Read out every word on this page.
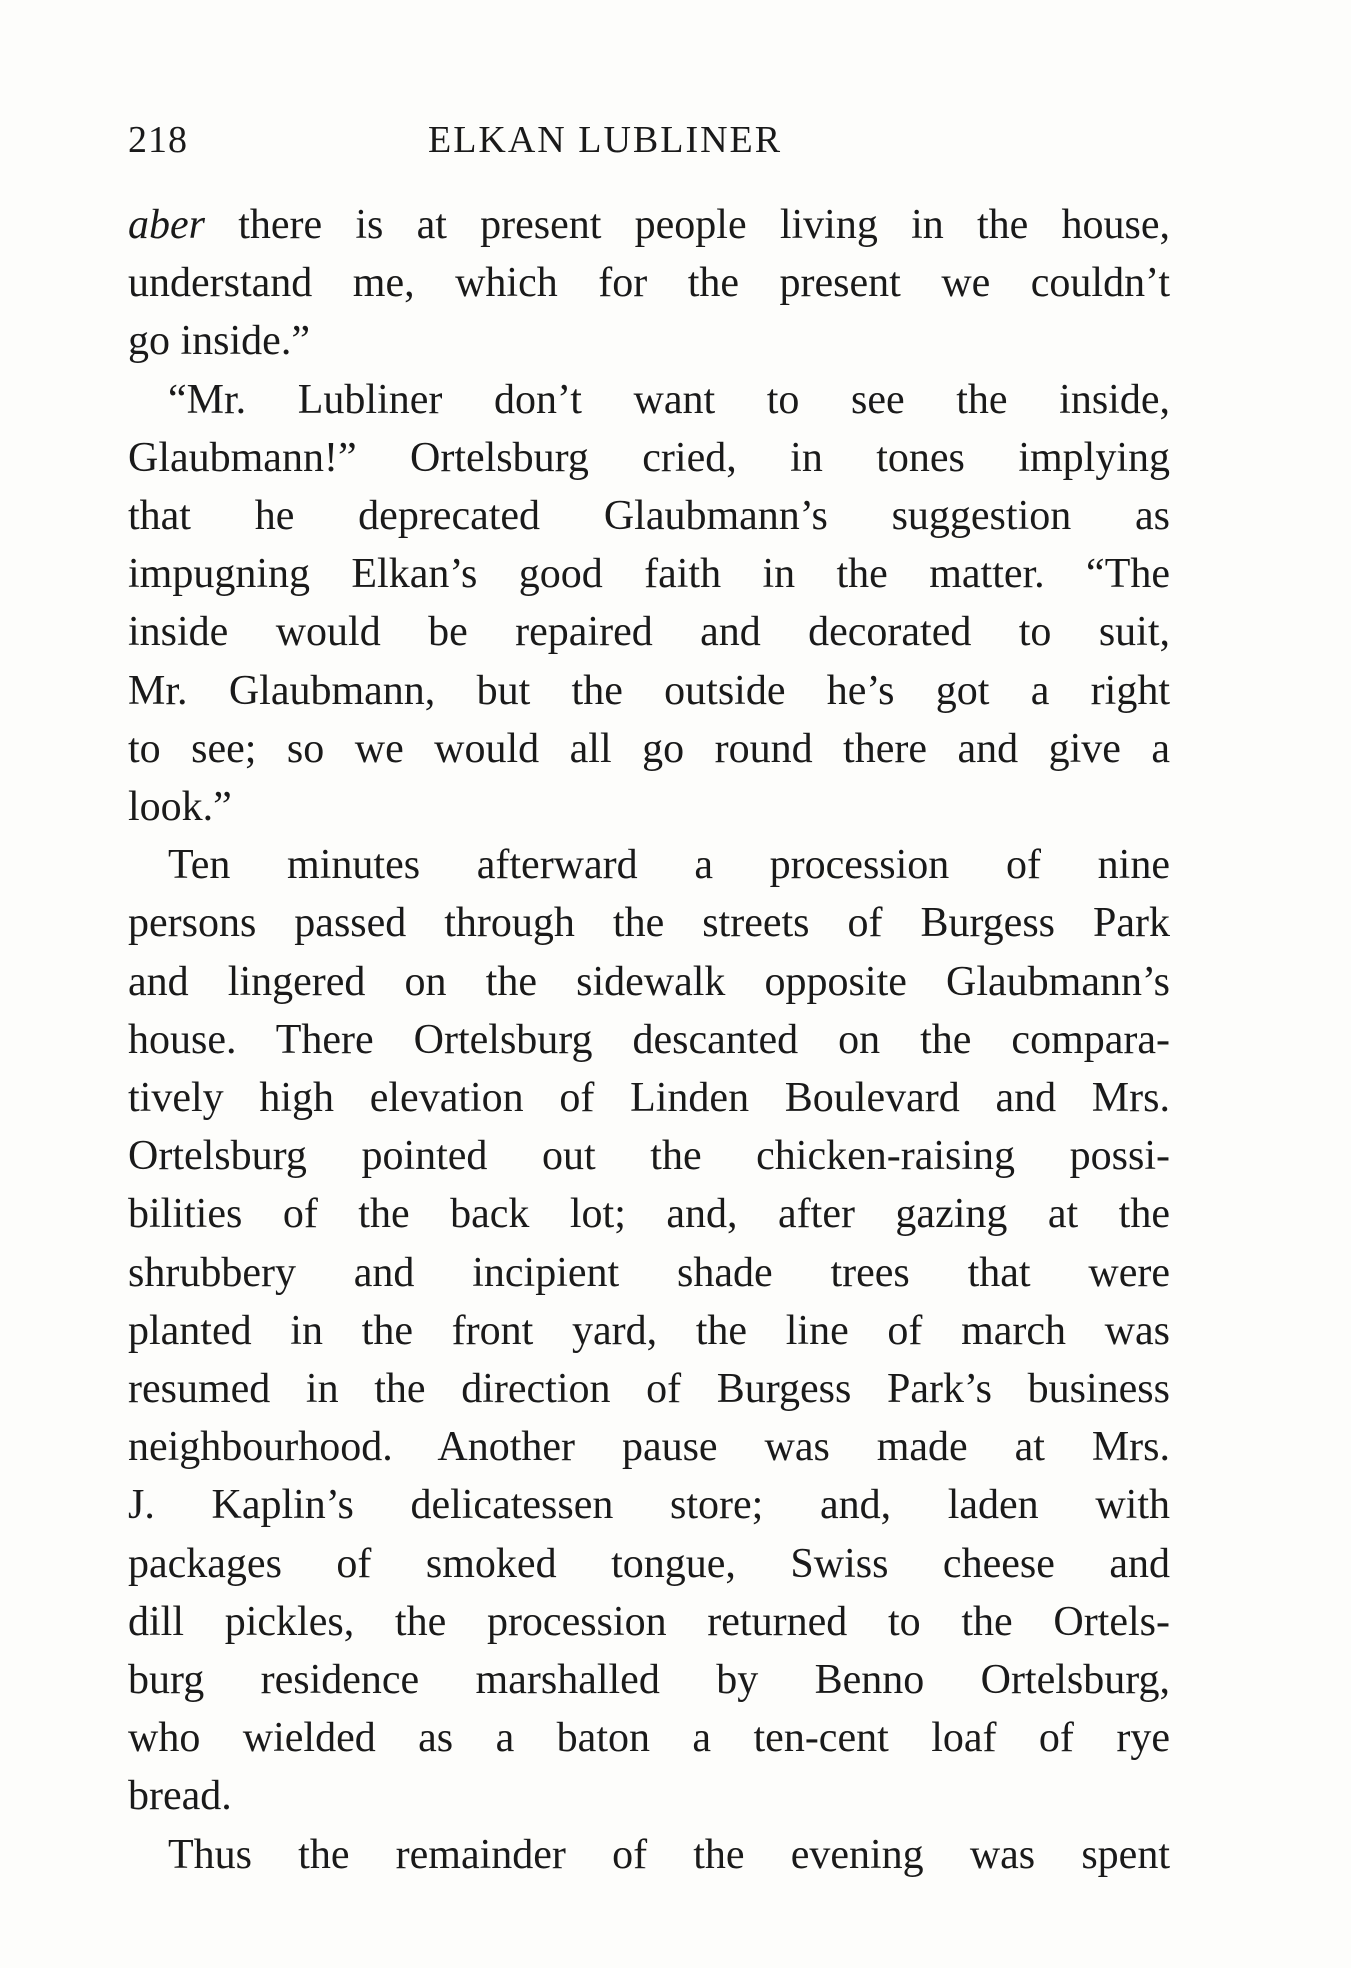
218	ELKAN LUBLINER
aber there is at present people living in the house,
understand me, which for the present we couldn’t
go inside.”
“Mr. Lubliner don’t want to see the inside,
Glaubmann!” Ortelsburg cried, in tones implying
that he deprecated Glaubmann’s suggestion as
impugning Elkan’s good faith in the matter. “The
inside would be repaired and decorated to suit,
Mr. Glaubmann, but the outside he’s got a right
to see; so we would all go round there and give a
look.”
Ten minutes afterward a procession of nine
persons passed through the streets of Burgess Park
and lingered on the sidewalk opposite Glaubmann’s
house. There Ortelsburg descanted on the compara-
tively high elevation of Linden Boulevard and Mrs.
Ortelsburg pointed out the chicken-raising possi-
bilities of the back lot; and, after gazing at the
shrubbery and incipient shade trees that were
planted in the front yard, the line of march was
resumed in the direction of Burgess Park’s business
neighbourhood. Another pause was made at Mrs.
J. Kaplin’s delicatessen store; and, laden with
packages of smoked tongue, Swiss cheese and
dill pickles, the procession returned to the Ortels-
burg residence marshalled by Benno Ortelsburg,
who wielded as a baton a ten-cent loaf of rye
bread.
Thus the remainder of the evening was spent
